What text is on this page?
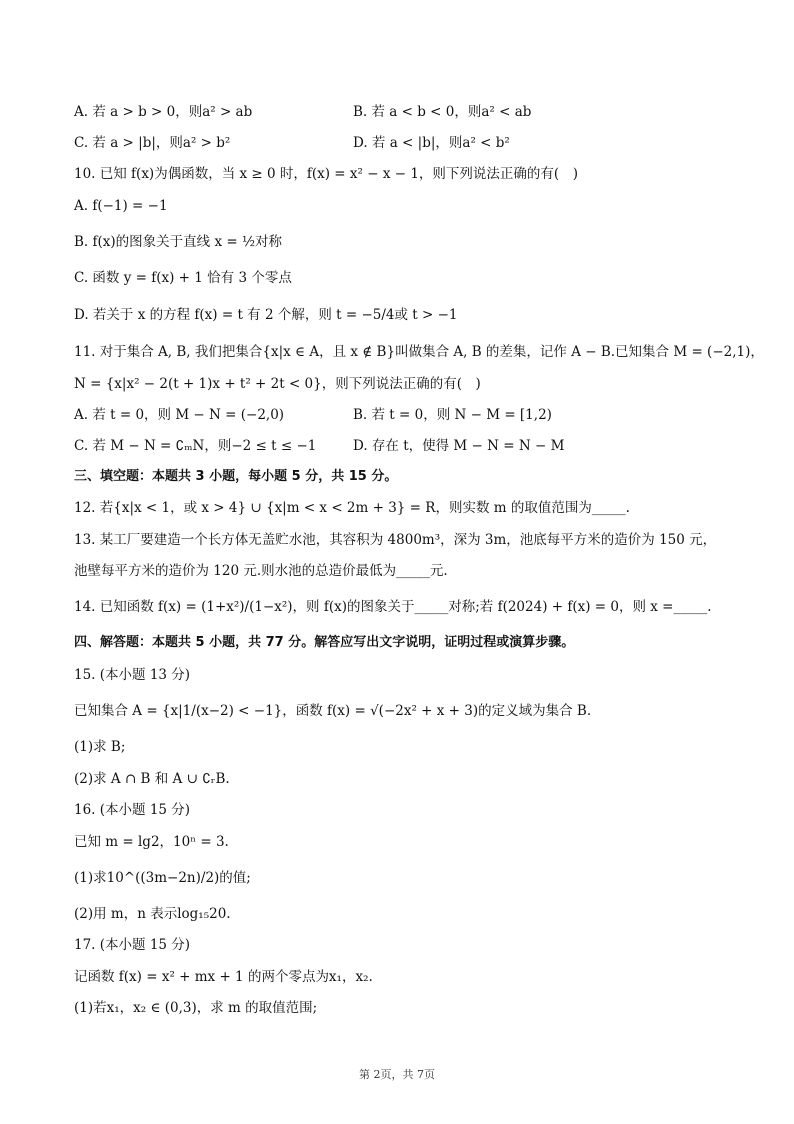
A. 若 a > b > 0，则a² > ab	B. 若 a < b < 0，则a² < ab
C. 若 a > |b|，则a² > b²	D. 若 a < |b|，则a² < b²
10. 已知 f(x)为偶函数，当 x ≥ 0 时，f(x) = x² − x − 1，则下列说法正确的有(　)
A. f(−1) = −1
B. f(x)的图象关于直线 x = ½对称
C. 函数 y = f(x) + 1 恰有 3 个零点
D. 若关于 x 的方程 f(x) = t 有 2 个解，则 t = −5/4或 t > −1
11. 对于集合 A, B, 我们把集合{x|x ∈ A，且 x ∉ B}叫做集合 A, B 的差集，记作 A − B.已知集合 M = (−2,1)，
N = {x|x² − 2(t + 1)x + t² + 2t < 0}，则下列说法正确的有(　)
A. 若 t = 0，则 M − N = (−2,0)	B. 若 t = 0，则 N − M = [1,2)
C. 若 M − N = ∁ₘN，则−2 ≤ t ≤ −1	D. 存在 t，使得 M − N = N − M
三、填空题：本题共 3 小题，每小题 5 分，共 15 分。
12. 若{x|x < 1，或 x > 4} ∪ {x|m < x < 2m + 3} = R，则实数 m 的取值范围为_____.
13. 某工厂要建造一个长方体无盖贮水池，其容积为 4800m³，深为 3m，池底每平方米的造价为 150 元，
池壁每平方米的造价为 120 元.则水池的总造价最低为_____元.
14. 已知函数 f(x) = (1+x²)/(1−x²)，则 f(x)的图象关于_____对称;若 f(2024) + f(x) = 0，则 x =_____.
四、解答题：本题共 5 小题，共 77 分。解答应写出文字说明，证明过程或演算步骤。
15. (本小题 13 分)
已知集合 A = {x|1/(x−2) < −1}，函数 f(x) = √(−2x² + x + 3)的定义域为集合 B.
(1)求 B;
(2)求 A ∩ B 和 A ∪ ∁ᵣB.
16. (本小题 15 分)
已知 m = lg2，10ⁿ = 3.
(1)求10^((3m−2n)/2)的值;
(2)用 m，n 表示log₁₅20.
17. (本小题 15 分)
记函数 f(x) = x² + mx + 1 的两个零点为x₁，x₂.
(1)若x₁，x₂ ∈ (0,3)，求 m 的取值范围;
第 2页，共 7页
